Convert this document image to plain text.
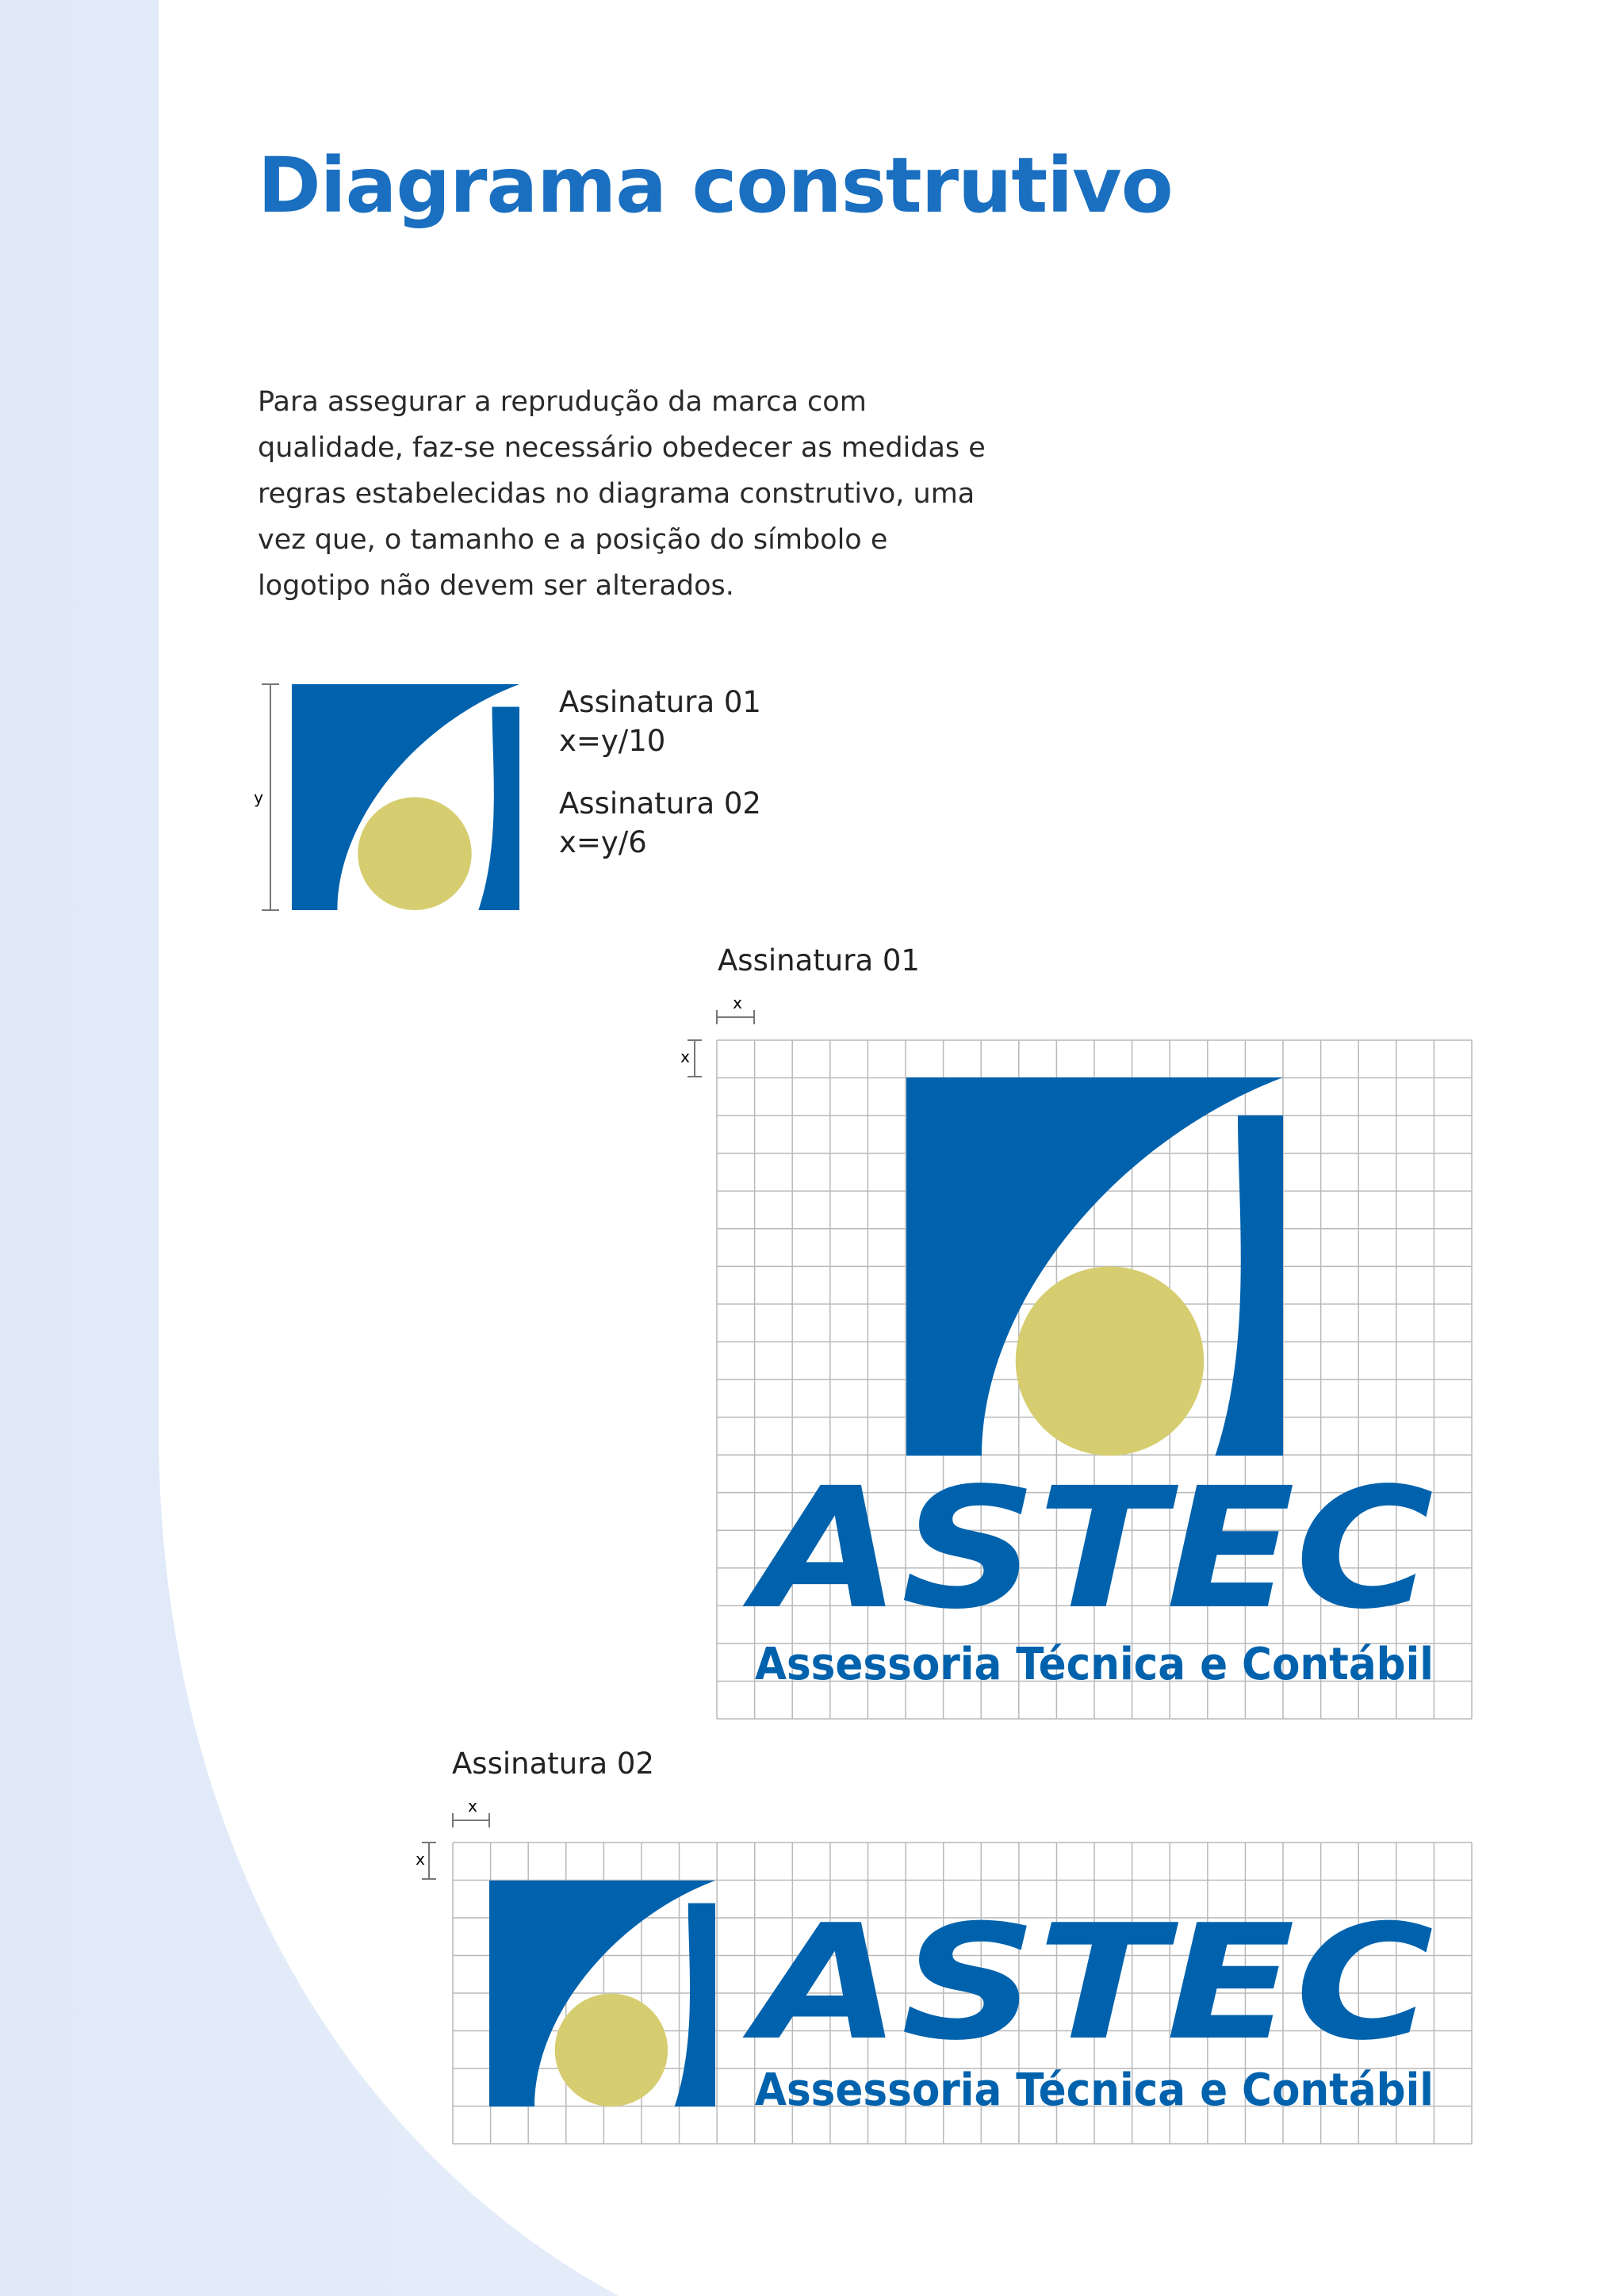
Diagrama construtivo

Para assegurar a reprudução da marca com qualidade, faz-se necessário obedecer as medidas e regras estabelecidas no diagrama construtivo, uma vez que, o tamanho e a posição do símbolo e logotipo não devem ser alterados.

y
Assinatura 01
x=y/10
Assinatura 02
x=y/6
Assinatura 01
x
x
ASTEC
Assessoria Técnica e Contábil
Assinatura 02
x
x
ASTEC
Assessoria Técnica e Contábil
